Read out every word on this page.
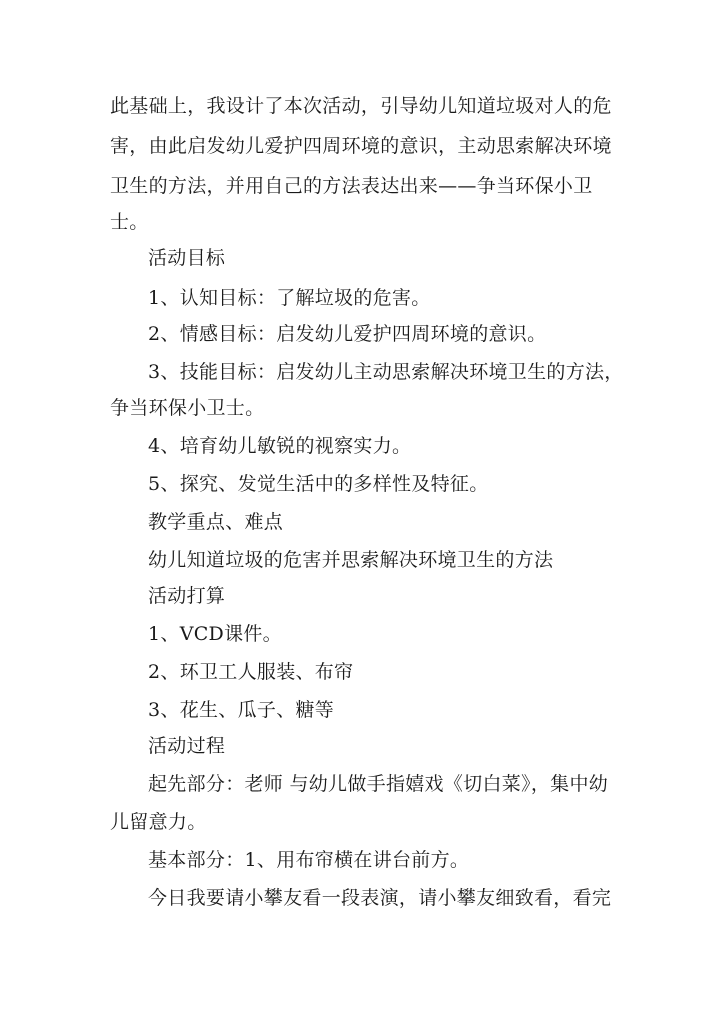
此基础上，我设计了本次活动，引导幼儿知道垃圾对人的危
害，由此启发幼儿爱护四周环境的意识，主动思索解决环境
卫生的方法，并用自己的方法表达出来——争当环保小卫
士。
活动目标
1、认知目标：了解垃圾的危害。
2、情感目标：启发幼儿爱护四周环境的意识。
3、技能目标：启发幼儿主动思索解决环境卫生的方法，
争当环保小卫士。
4、培育幼儿敏锐的视察实力。
5、探究、发觉生活中的多样性及特征。
教学重点、难点
幼儿知道垃圾的危害并思索解决环境卫生的方法
活动打算
1、VCD课件。
2、环卫工人服装、布帘
3、花生、瓜子、糖等
活动过程
起先部分：老师 与幼儿做手指嬉戏《切白菜》，集中幼
儿留意力。
基本部分：1、用布帘横在讲台前方。
今日我要请小攀友看一段表演，请小攀友细致看，看完
